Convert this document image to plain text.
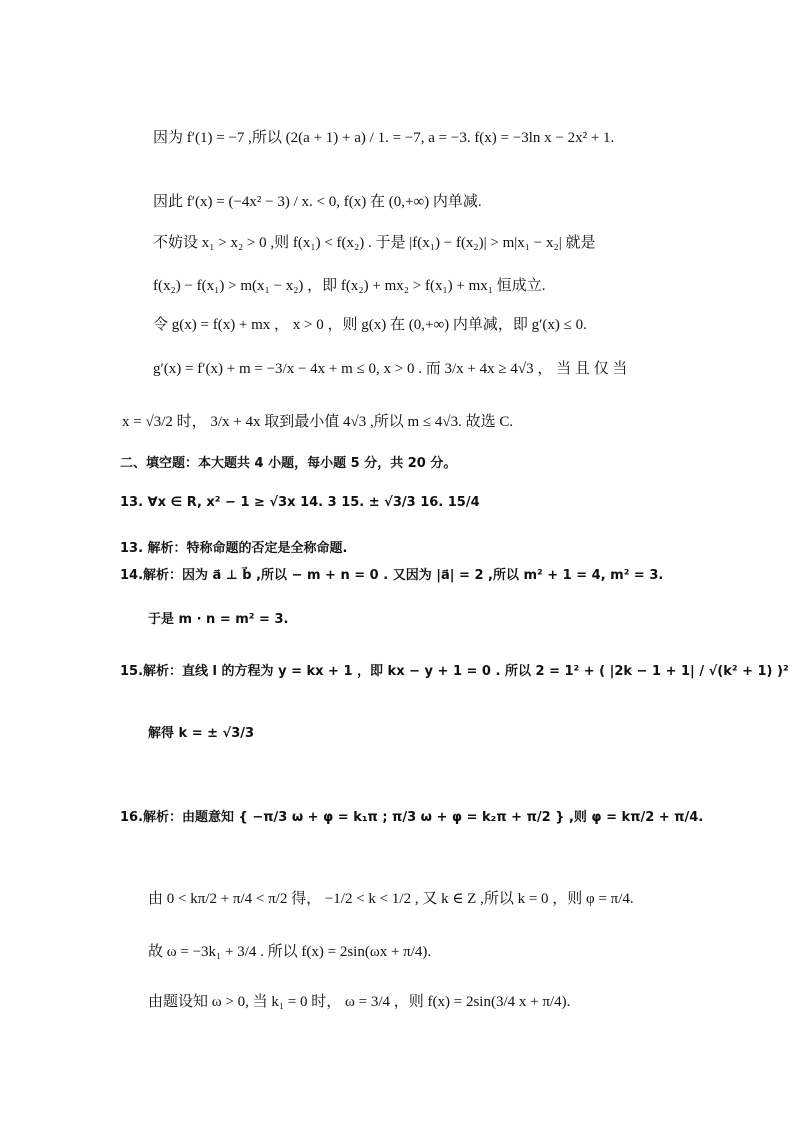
因为 f′(1) = −7 ,所以 (2(a + 1) + a) / 1. = −7, a = −3. f(x) = −3ln x − 2x² + 1.
因此 f′(x) = (−4x² − 3) / x. < 0, f(x) 在 (0,+∞) 内单减.
不妨设 x₁ > x₂ > 0 ,则 f(x₁) < f(x₂) . 于是 |f(x₁) − f(x₂)| > m|x₁ − x₂| 就是
f(x₂) − f(x₁) > m(x₁ − x₂) ，即 f(x₂) + mx₂ > f(x₁) + mx₁ 恒成立.
令 g(x) = f(x) + mx ， x > 0 ，则 g(x) 在 (0,+∞) 内单减，即 g′(x) ≤ 0.
g′(x) = f′(x) + m = −3/x − 4x + m ≤ 0, x > 0 . 而 3/x + 4x ≥ 4√3 ， 当 且 仅 当
x = √3/2 时， 3/x + 4x 取到最小值 4√3 ,所以 m ≤ 4√3. 故选 C.
二、填空题：本大题共 4 小题，每小题 5 分，共 20 分。
13. ∀x ∈ R, x² − 1 ≥ √3x 14. 3 15. ± √3/3 16. 15/4
13. 解析：特称命题的否定是全称命题.
14.解析：因为 a⃗ ⊥ b⃗ ,所以 − m + n = 0 . 又因为 |a⃗| = 2 ,所以 m² + 1 = 4, m² = 3.
于是 m · n = m² = 3.
15.解析：直线 l 的方程为 y = kx + 1 ，即 kx − y + 1 = 0 . 所以 2 = 1² + ( |2k − 1 + 1| / √(k² + 1) )²
解得 k = ± √3/3
16.解析：由题意知 { −π/3 ω + φ = k₁π ; π/3 ω + φ = k₂π + π/2 } ,则 φ = kπ/2 + π/4.
由 0 < kπ/2 + π/4 < π/2 得， −1/2 < k < 1/2 , 又 k ∈ Z ,所以 k = 0 ，则 φ = π/4.
故 ω = −3k₁ + 3/4 . 所以 f(x) = 2sin(ωx + π/4).
由题设知 ω > 0, 当 k₁ = 0 时， ω = 3/4 ，则 f(x) = 2sin(3/4 x + π/4).
